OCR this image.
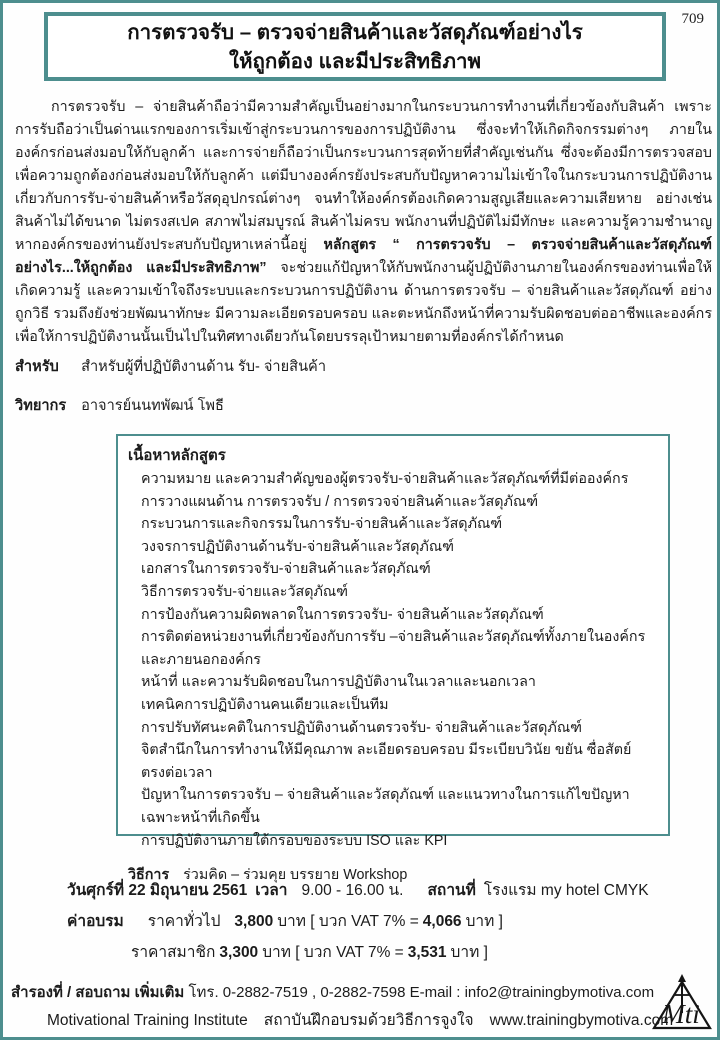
709
การตรวจรับ – ตรวจจ่ายสินค้าและวัสดุภัณฑ์อย่างไร
ให้ถูกต้อง และมีประสิทธิภาพ

การตรวจรับ – จ่ายสินค้าถือว่ามีความสำคัญเป็นอย่างมากในกระบวนการทำงานที่เกี่ยวข้องกับสินค้า เพราะการรับถือว่าเป็นด่านแรกของการเริ่มเข้าสู่กระบวนการของการปฏิบัติงาน ซึ่งจะทำให้เกิดกิจกรรมต่างๆ ภายในองค์กรก่อนส่งมอบให้กับลูกค้า และการจ่ายก็ถือว่าเป็นกระบวนการสุดท้ายที่สำคัญเช่นกัน ซึ่งจะต้องมีการตรวจสอบเพื่อความถูกต้องก่อนส่งมอบให้กับลูกค้า แต่มีบางองค์กรยังประสบกับปัญหาความไม่เข้าใจในกระบวนการปฏิบัติงานเกี่ยวกับการรับ-จ่ายสินค้าหรือวัสดุอุปกรณ์ต่างๆ จนทำให้องค์กรต้องเกิดความสูญเสียและความเสียหาย อย่างเช่น สินค้าไม่ได้ขนาด ไม่ตรงสเปค สภาพไม่สมบูรณ์ สินค้าไม่ครบ พนักงานที่ปฏิบัติไม่มีทักษะ และความรู้ความชำนาญ หากองค์กรของท่านยังประสบกับปัญหาเหล่านี้อยู่ หลักสูตร “ การตรวจรับ – ตรวจจ่ายสินค้าและวัสดุภัณฑ์อย่างไร...ให้ถูกต้อง และมีประสิทธิภาพ” จะช่วยแก้ปัญหาให้กับพนักงานผู้ปฏิบัติงานภายในองค์กรของท่านเพื่อให้เกิดความรู้ และความเข้าใจถึงระบบและกระบวนการปฏิบัติงาน ด้านการตรวจรับ – จ่ายสินค้าและวัสดุภัณฑ์ อย่างถูกวิธี รวมถึงยังช่วยพัฒนาทักษะ มีความละเอียดรอบครอบ และตะหนักถึงหน้าที่ความรับผิดชอบต่ออาชีพและองค์กร เพื่อให้การปฏิบัติงานนั้นเป็นไปในทิศทางเดียวกันโดยบรรลุเป้าหมายตามที่องค์กรได้กำหนด

สำหรับ สำหรับผู้ที่ปฏิบัติงานด้าน รับ- จ่ายสินค้า
วิทยากร อาจารย์นนทพัฒน์ โพธี
เนื้อหาหลักสูตร
ความหมาย และความสำคัญของผู้ตรวจรับ-จ่ายสินค้าและวัสดุภัณฑ์ที่มีต่อองค์กร
การวางแผนด้าน การตรวจรับ / การตรวจจ่ายสินค้าและวัสดุภัณฑ์
กระบวนการและกิจกรรมในการรับ-จ่ายสินค้าและวัสดุภัณฑ์
วงจรการปฏิบัติงานด้านรับ-จ่ายสินค้าและวัสดุภัณฑ์
เอกสารในการตรวจรับ-จ่ายสินค้าและวัสดุภัณฑ์
วิธีการตรวจรับ-จ่ายและวัสดุภัณฑ์
การป้องกันความผิดพลาดในการตรวจรับ- จ่ายสินค้าและวัสดุภัณฑ์
การติดต่อหน่วยงานที่เกี่ยวข้องกับการรับ –จ่ายสินค้าและวัสดุภัณฑ์ทั้งภายในองค์กร และภายนอกองค์กร
หน้าที่ และความรับผิดชอบในการปฏิบัติงานในเวลาและนอกเวลา
เทคนิคการปฏิบัติงานคนเดียวและเป็นทีม
การปรับทัศนะคติในการปฏิบัติงานด้านตรวจรับ- จ่ายสินค้าและวัสดุภัณฑ์
จิตสำนึกในการทำงานให้มีคุณภาพ ละเอียดรอบครอบ มีระเบียบวินัย ขยัน ซื่อสัตย์ ตรงต่อเวลา
ปัญหาในการตรวจรับ – จ่ายสินค้าและวัสดุภัณฑ์ และแนวทางในการแก้ไขปัญหาเฉพาะหน้าที่เกิดขึ้น
การปฏิบัติงานภายใต้กรอบของระบบ ISO และ KPI
วิธีการ ร่วมคิด – ร่วมคุย บรรยาย Workshop
วันศุกร์ที่ 22 มิถุนายน 2561 เวลา 9.00 - 16.00 น. สถานที่ โรงแรม my hotel CMYK
ค่าอบรม ราคาทั่วไป 3,800 บาท [ บวก VAT 7% = 4,066 บาท ]
ราคาสมาชิก 3,300 บาท [ บวก VAT 7% = 3,531 บาท ]
สำรองที่ / สอบถาม เพิ่มเติม โทร. 0-2882-7519 , 0-2882-7598 E-mail : info2@trainingbymotiva.com
Motivational Training Institute สถาบันฝึกอบรมด้วยวิธีการจูงใจ www.trainingbymotiva.com
Mti
